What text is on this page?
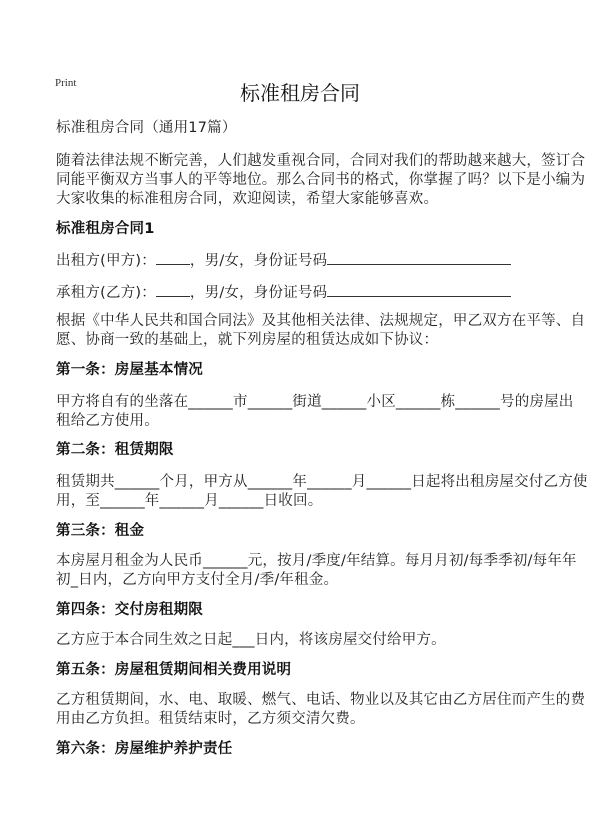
Print	标准租房合同
标准租房合同（通用17篇）
随着法律法规不断完善，人们越发重视合同，合同对我们的帮助越来越大，签订合
同能平衡双方当事人的平等地位。那么合同书的格式，你掌握了吗？以下是小编为
大家收集的标准租房合同，欢迎阅读，希望大家能够喜欢。
标准租房合同1
出租方(甲方)： ，男/女，身份证号码
承租方(乙方)： ，男/女，身份证号码
根据《中华人民共和国合同法》及其他相关法律、法规规定，甲乙双方在平等、自
愿、协商一致的基础上，就下列房屋的租赁达成如下协议：
第一条：房屋基本情况
甲方将自有的坐落在______市______街道______小区______栋______号的房屋出
租给乙方使用。
第二条：租赁期限
租赁期共______个月，甲方从______年______月______日起将出租房屋交付乙方使
用，至______年______月______日收回。
第三条：租金
本房屋月租金为人民币______元，按月/季度/年结算。每月月初/每季季初/每年年
初_日内，乙方向甲方支付全月/季/年租金。
第四条：交付房租期限
乙方应于本合同生效之日起___日内，将该房屋交付给甲方。
第五条：房屋租赁期间相关费用说明
乙方租赁期间，水、电、取暖、燃气、电话、物业以及其它由乙方居住而产生的费
用由乙方负担。租赁结束时，乙方须交清欠费。
第六条：房屋维护养护责任
